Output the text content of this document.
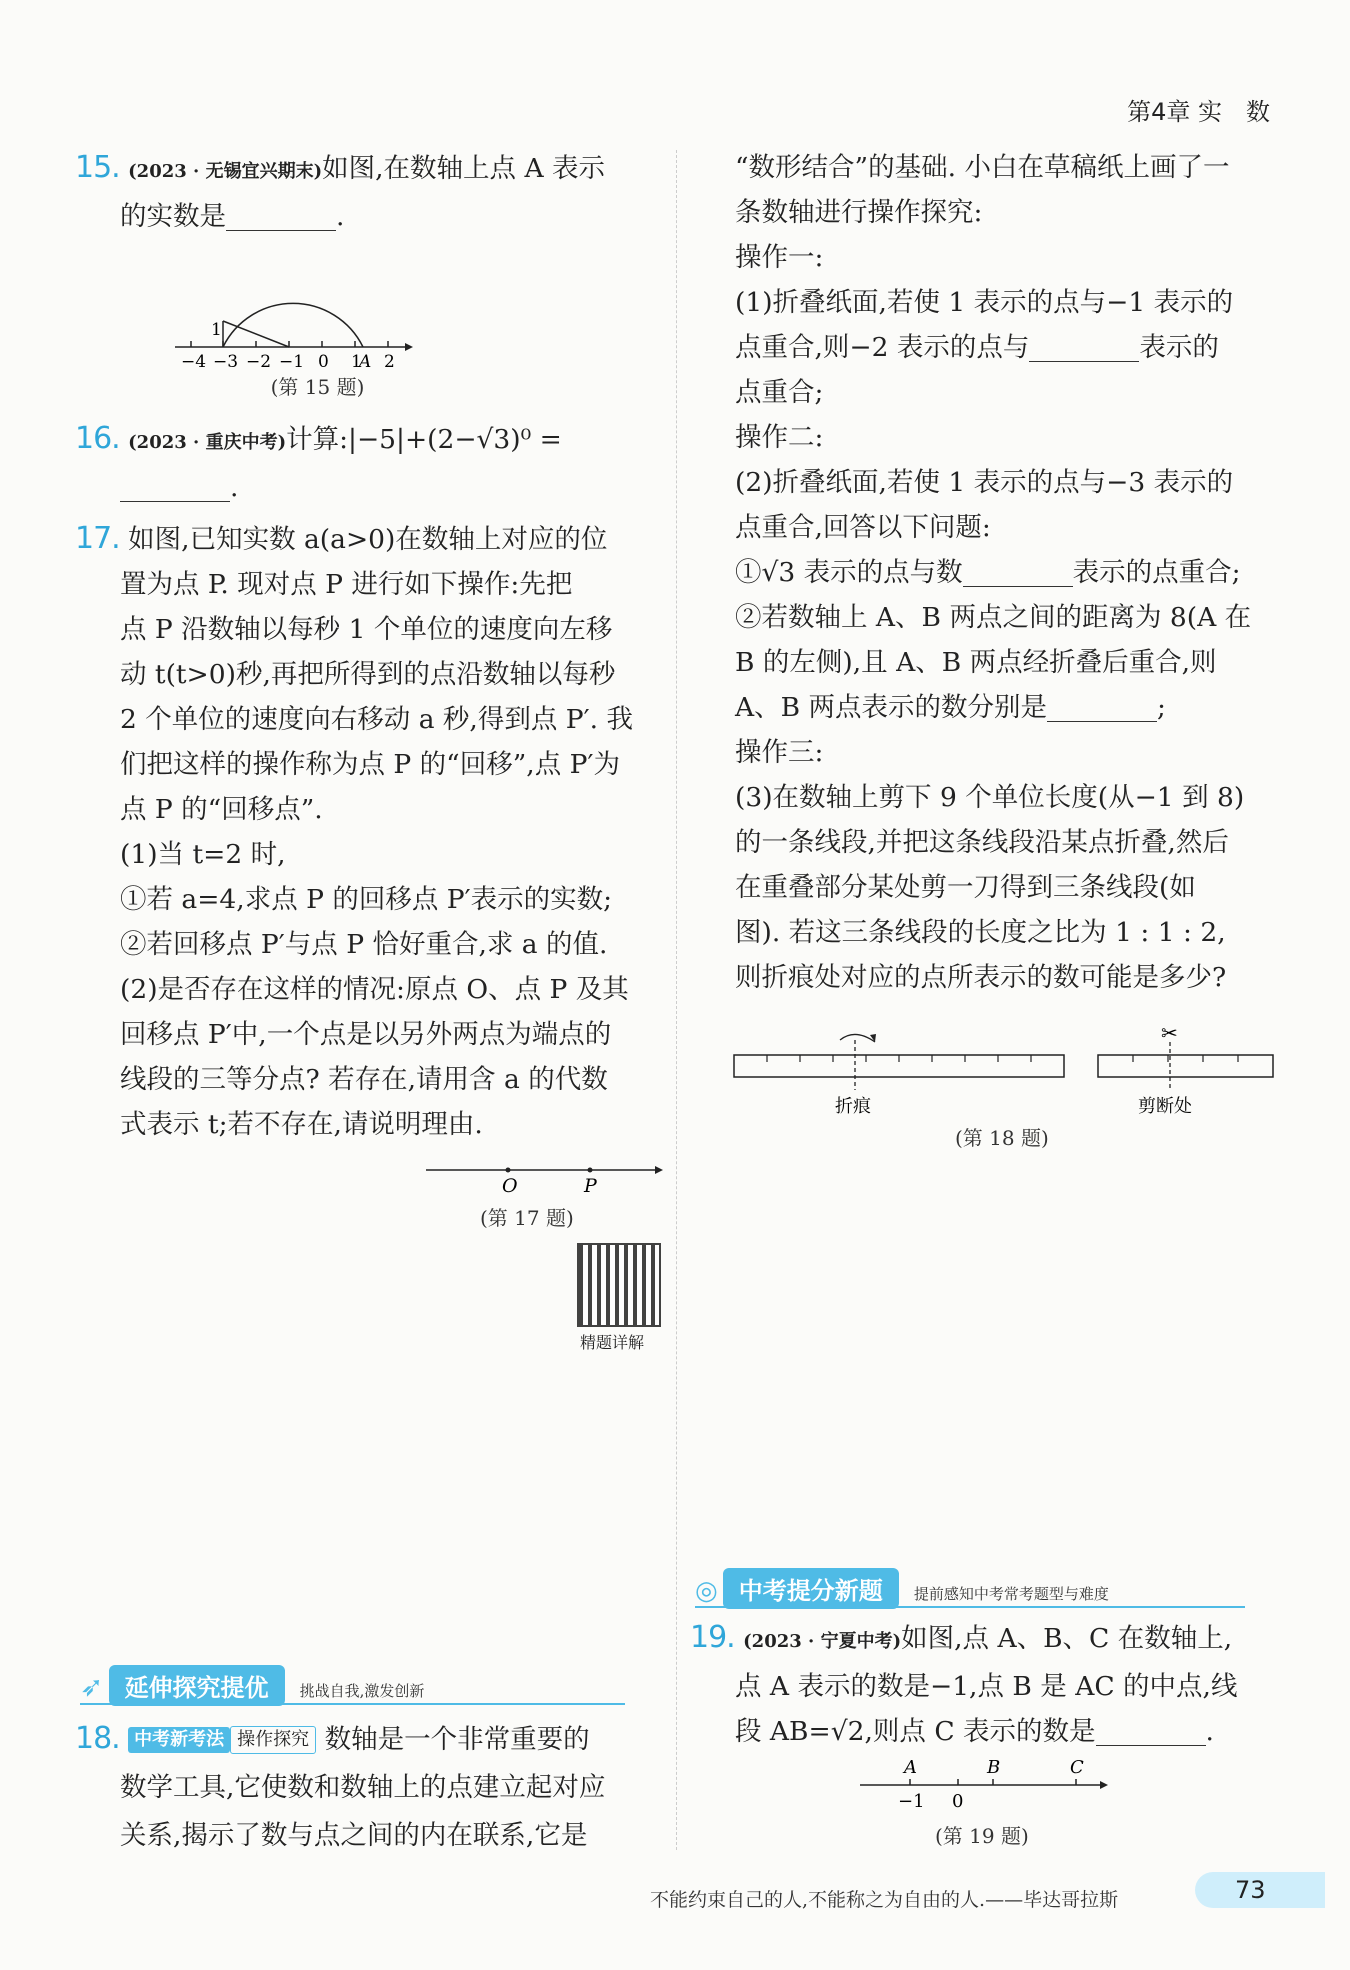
第4章 实　数

15. (2023 · 无锡宜兴期末)如图,在数轴上点 A 表示

的实数是	.

−4 −3 −2 −1 0 1
A 2
1
(第 15 题)

16. (2023 · 重庆中考)计算:|−5|+(2−√3)⁰ =

.

17. 如图,已知实数 a(a>0)在数轴上对应的位

置为点 P. 现对点 P 进行如下操作:先把

点 P 沿数轴以每秒 1 个单位的速度向左移

动 t(t>0)秒,再把所得到的点沿数轴以每秒

2 个单位的速度向右移动 a 秒,得到点 P′. 我

们把这样的操作称为点 P 的“回移”,点 P′为

点 P 的“回移点”.

(1)当 t=2 时,

①若 a=4,求点 P 的回移点 P′表示的实数;

②若回移点 P′与点 P 恰好重合,求 a 的值.

(2)是否存在这样的情况:原点 O、点 P 及其

回移点 P′中,一个点是以另外两点为端点的

线段的三等分点? 若存在,请用含 a 的代数

式表示 t;若不存在,请说明理由.

O	P
(第 17 题)
精题详解
➶ 延伸探究提优 挑战自我,激发创新

18. 中考新考法 操作探究 数轴是一个非常重要的

数学工具,它使数和数轴上的点建立起对应

关系,揭示了数与点之间的内在联系,它是

“数形结合”的基础. 小白在草稿纸上画了一

条数轴进行操作探究:

操作一:

(1)折叠纸面,若使 1 表示的点与−1 表示的

点重合,则−2 表示的点与	表示的

点重合;

操作二:

(2)折叠纸面,若使 1 表示的点与−3 表示的

点重合,回答以下问题:

①√3 表示的点与数	表示的点重合;

②若数轴上 A、B 两点之间的距离为 8(A 在

B 的左侧),且 A、B 两点经折叠后重合,则

A、B 两点表示的数分别是	;

操作三:

(3)在数轴上剪下 9 个单位长度(从−1 到 8)

的一条线段,并把这条线段沿某点折叠,然后

在重叠部分某处剪一刀得到三条线段(如

图). 若这三条线段的长度之比为 1 : 1 : 2,

则折痕处对应的点所表示的数可能是多少?

✂
折痕	剪断处
(第 18 题)
◎ 中考提分新题 提前感知中考常考题型与难度

19. (2023 · 宁夏中考)如图,点 A、B、C 在数轴上,

点 A 表示的数是−1,点 B 是 AC 的中点,线

段 AB=√2,则点 C 表示的数是	.

A	B	C
−1 0
(第 19 题)
不能约束自己的人,不能称之为自由的人.——毕达哥拉斯	73
